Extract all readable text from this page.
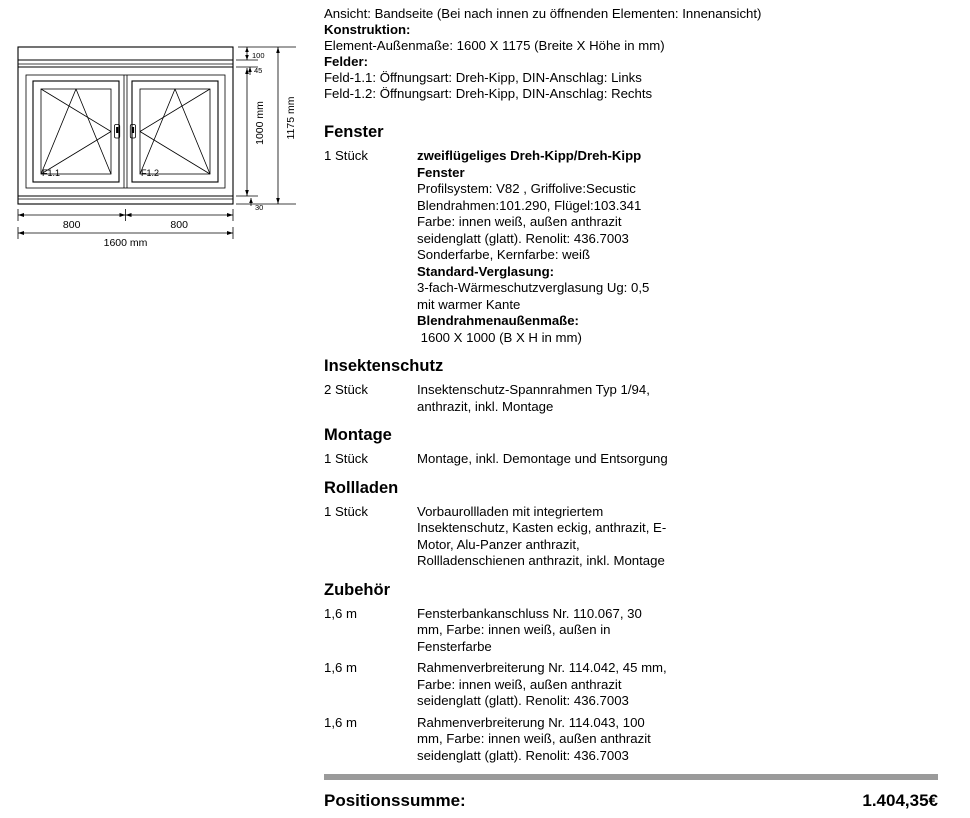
F1.1	F1.2
800	800
1600 mm
100
45
1000 mm
30
1175 mm
Ansicht: Bandseite (Bei nach innen zu öffnenden Elementen: Innenansicht)
Konstruktion:
Element-Außenmaße: 1600 X 1175 (Breite X Höhe in mm)
Felder:
Feld-1.1: Öffnungsart: Dreh-Kipp, DIN-Anschlag: Links
Feld-1.2: Öffnungsart: Dreh-Kipp, DIN-Anschlag: Rechts
Fenster
1 Stück	zweiflügeliges Dreh-Kipp/Dreh-Kipp
Fenster
Profilsystem: V82 , Griffolive:Secustic
Blendrahmen:101.290, Flügel:103.341
Farbe: innen weiß, außen anthrazit
seidenglatt (glatt). Renolit: 436.7003
Sonderfarbe, Kernfarbe: weiß
Standard-Verglasung:
3-fach-Wärmeschutzverglasung Ug: 0,5
mit warmer Kante
Blendrahmenaußenmaße:
1600 X 1000 (B X H in mm)
Insektenschutz
2 Stück	Insektenschutz-Spannrahmen Typ 1/94,
anthrazit, inkl. Montage
Montage
1 Stück	Montage, inkl. Demontage und Entsorgung
Rollladen
1 Stück	Vorbaurollladen mit integriertem
Insektenschutz, Kasten eckig, anthrazit, E-
Motor, Alu-Panzer anthrazit,
Rollladenschienen anthrazit, inkl. Montage
Zubehör
1,6 m	Fensterbankanschluss Nr. 110.067, 30
mm, Farbe: innen weiß, außen in
Fensterfarbe
1,6 m	Rahmenverbreiterung Nr. 114.042, 45 mm,
Farbe: innen weiß, außen anthrazit
seidenglatt (glatt). Renolit: 436.7003
1,6 m	Rahmenverbreiterung Nr. 114.043, 100
mm, Farbe: innen weiß, außen anthrazit
seidenglatt (glatt). Renolit: 436.7003
Positionssumme:	1.404,35€
